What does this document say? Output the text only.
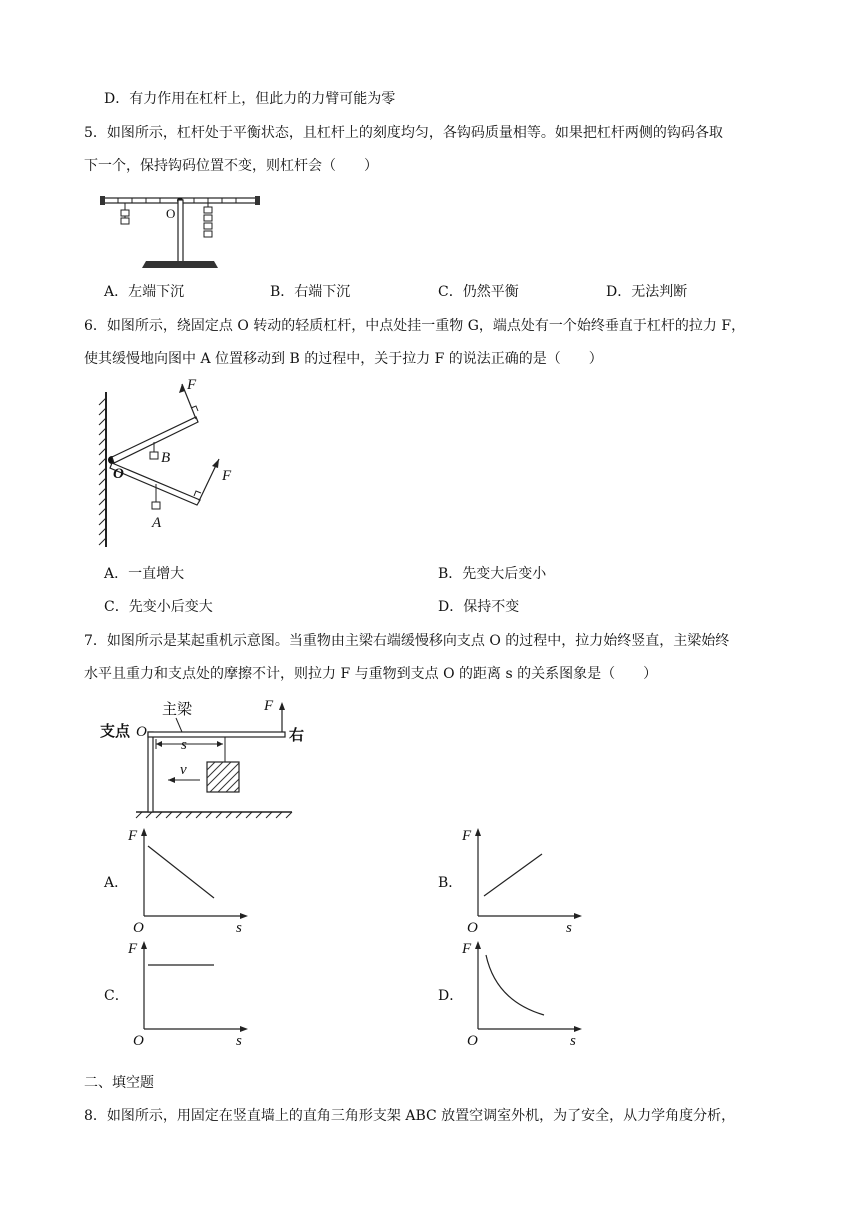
D．有力作用在杠杆上，但此力的力臂可能为零
5．如图所示，杠杆处于平衡状态，且杠杆上的刻度均匀，各钩码质量相等。如果把杠杆两侧的钩码各取
下一个，保持钩码位置不变，则杠杆会（　　）
O
A．左端下沉	B．右端下沉	C．仍然平衡	D．无法判断
6．如图所示，绕固定点 O 转动的轻质杠杆，中点处挂一重物 G，端点处有一个始终垂直于杠杆的拉力 F，
使其缓慢地向图中 A 位置移动到 B 的过程中，关于拉力 F 的说法正确的是（　　）
B
F
A
F
O
A．一直增大	B．先变大后变小
C．先变小后变大	D．保持不变
7．如图所示是某起重机示意图。当重物由主梁右端缓慢移向支点 O 的过程中，拉力始终竖直，主梁始终
水平且重力和支点处的摩擦不计，则拉力 F 与重物到支点 O 的距离 s 的关系图象是（　　）
主梁
支点 O
s
v
F
右
A．
F
s
O
B．
F
s
O
C．
F
s
O
D．
F
s
O
二、填空题
8．如图所示，用固定在竖直墙上的直角三角形支架 ABC 放置空调室外机，为了安全，从力学角度分析，
